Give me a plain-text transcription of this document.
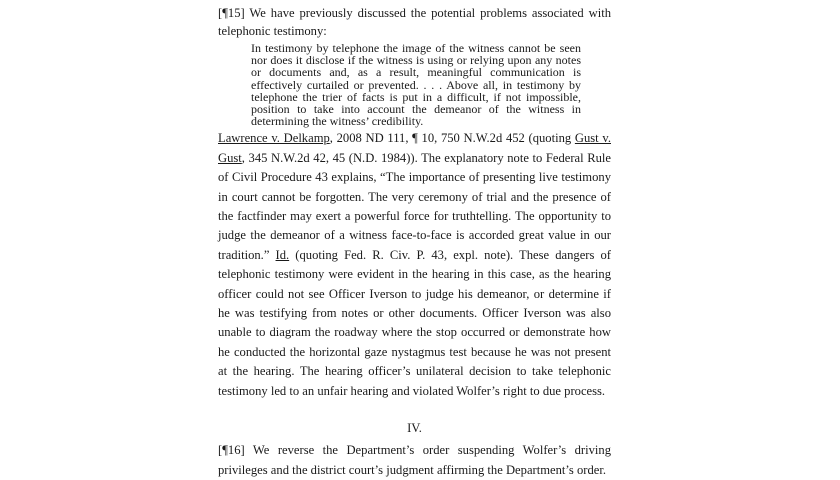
[¶15] We have previously discussed the potential problems associated with telephonic testimony:

In testimony by telephone the image of the witness cannot be seen nor does it disclose if the witness is using or relying upon any notes or documents and, as a result, meaningful communication is effectively curtailed or prevented. . . . Above all, in testimony by telephone the trier of facts is put in a difficult, if not impossible, position to take into account the demeanor of the witness in determining the witness’ credibility.

Lawrence v. Delkamp, 2008 ND 111, ¶ 10, 750 N.W.2d 452 (quoting Gust v. Gust, 345 N.W.2d 42, 45 (N.D. 1984)). The explanatory note to Federal Rule of Civil Procedure 43 explains, “The importance of presenting live testimony in court cannot be forgotten. The very ceremony of trial and the presence of the factfinder may exert a powerful force for truthtelling. The opportunity to judge the demeanor of a witness face-to-face is accorded great value in our tradition.” Id. (quoting Fed. R. Civ. P. 43, expl. note). These dangers of telephonic testimony were evident in the hearing in this case, as the hearing officer could not see Officer Iverson to judge his demeanor, or determine if he was testifying from notes or other documents. Officer Iverson was also unable to diagram the roadway where the stop occurred or demonstrate how he conducted the horizontal gaze nystagmus test because he was not present at the hearing. The hearing officer’s unilateral decision to take telephonic testimony led to an unfair hearing and violated Wolfer’s right to due process.

IV.

[¶16] We reverse the Department’s order suspending Wolfer’s driving privileges and the district court’s judgment affirming the Department’s order.
